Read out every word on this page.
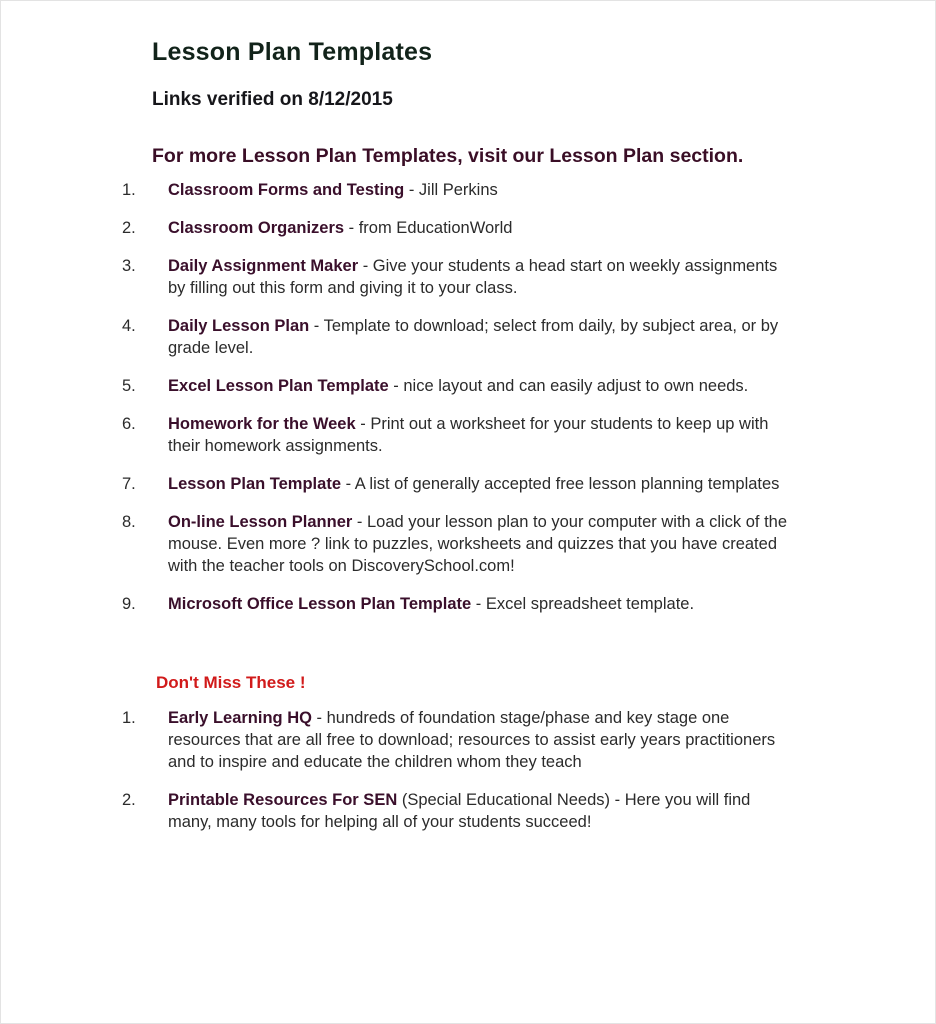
Lesson Plan Templates
Links verified on 8/12/2015
For more Lesson Plan Templates, visit our Lesson Plan section.
1.	Classroom Forms and Testing - Jill Perkins
2.	Classroom Organizers - from EducationWorld
3.	Daily Assignment Maker - Give your students a head start on weekly assignments by filling out this form and giving it to your class.
4.	Daily Lesson Plan - Template to download; select from daily, by subject area, or by grade level.
5.	Excel Lesson Plan Template - nice layout and can easily adjust to own needs.
6.	Homework for the Week - Print out a worksheet for your students to keep up with their homework assignments.
7.	Lesson Plan Template - A list of generally accepted free lesson planning templates
8.	On-line Lesson Planner - Load your lesson plan to your computer with a click of the mouse. Even more ? link to puzzles, worksheets and quizzes that you have created with the teacher tools on DiscoverySchool.com!
9.	Microsoft Office Lesson Plan Template - Excel spreadsheet template.
Don't Miss These !
1.	Early Learning HQ - hundreds of foundation stage/phase and key stage one resources that are all free to download; resources to assist early years practitioners and to inspire and educate the children whom they teach
2.	Printable Resources For SEN (Special Educational Needs) - Here you will find many, many tools for helping all of your students succeed!
